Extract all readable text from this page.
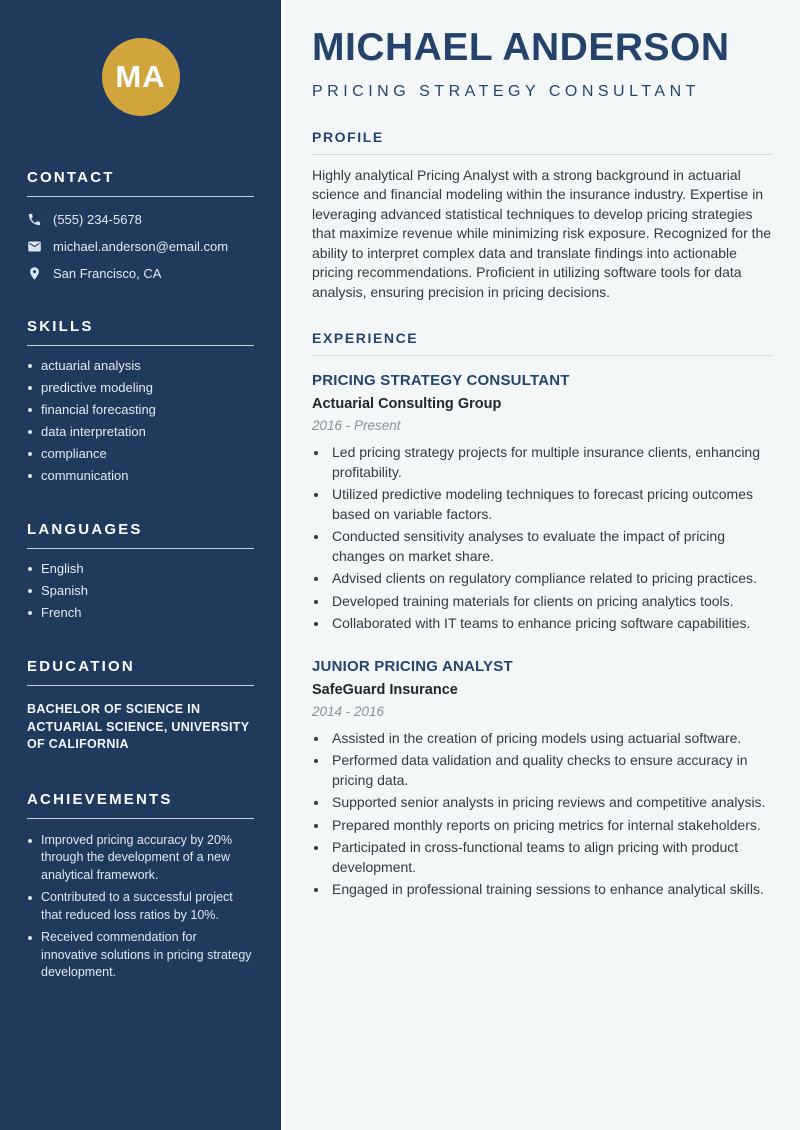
MA
CONTACT
(555) 234-5678
michael.anderson@email.com
San Francisco, CA
SKILLS
actuarial analysis
predictive modeling
financial forecasting
data interpretation
compliance
communication
LANGUAGES
English
Spanish
French
EDUCATION
BACHELOR OF SCIENCE IN ACTUARIAL SCIENCE, UNIVERSITY OF CALIFORNIA
ACHIEVEMENTS
Improved pricing accuracy by 20% through the development of a new analytical framework.
Contributed to a successful project that reduced loss ratios by 10%.
Received commendation for innovative solutions in pricing strategy development.
MICHAEL ANDERSON
PRICING STRATEGY CONSULTANT
PROFILE

Highly analytical Pricing Analyst with a strong background in actuarial science and financial modeling within the insurance industry. Expertise in leveraging advanced statistical techniques to develop pricing strategies that maximize revenue while minimizing risk exposure. Recognized for the ability to interpret complex data and translate findings into actionable pricing recommendations. Proficient in utilizing software tools for data analysis, ensuring precision in pricing decisions.

EXPERIENCE
PRICING STRATEGY CONSULTANT
Actuarial Consulting Group
2016 - Present
• Led pricing strategy projects for multiple insurance clients, enhancing profitability.
• Utilized predictive modeling techniques to forecast pricing outcomes based on variable factors.
• Conducted sensitivity analyses to evaluate the impact of pricing changes on market share.
• Advised clients on regulatory compliance related to pricing practices.
• Developed training materials for clients on pricing analytics tools.
• Collaborated with IT teams to enhance pricing software capabilities.
JUNIOR PRICING ANALYST
SafeGuard Insurance
2014 - 2016
• Assisted in the creation of pricing models using actuarial software.
• Performed data validation and quality checks to ensure accuracy in pricing data.
• Supported senior analysts in pricing reviews and competitive analysis.
• Prepared monthly reports on pricing metrics for internal stakeholders.
• Participated in cross-functional teams to align pricing with product development.
• Engaged in professional training sessions to enhance analytical skills.
